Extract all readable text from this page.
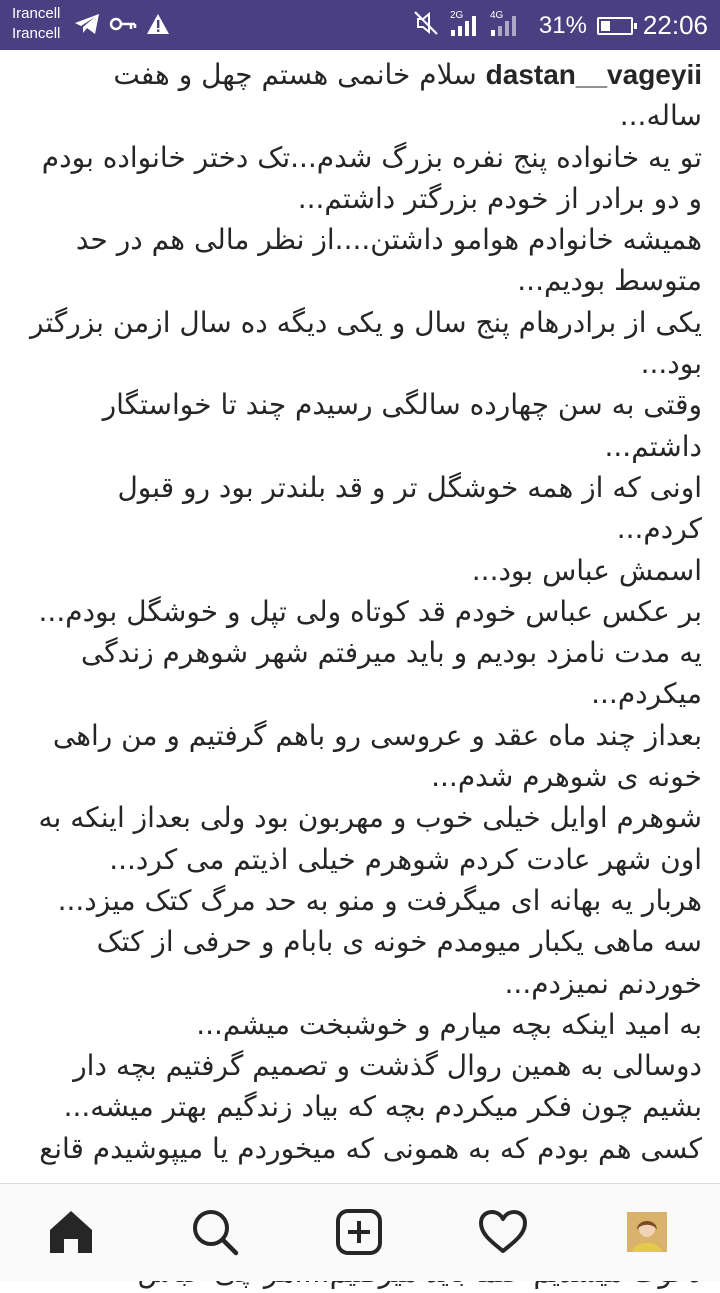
Irancell
Irancell
2G	4G 31% 22:06

dastan__vageyii سلام خانمی هستم چهل و هفت ساله...

تو یه خانواده پنج نفره بزرگ شدم...تک دختر خانواده بودم و دو برادر از خودم بزرگتر داشتم...

همیشه خانوادم هوامو داشتن....از نظر مالی هم در حد متوسط بودیم...

یکی از برادرهام پنج سال و یکی دیگه ده سال ازمن بزرگتر بود...

وقتی به سن چهارده سالگی رسیدم چند تا خواستگار داشتم...

اونی که از همه خوشگل تر و قد بلندتر بود رو قبول کردم...

اسمش عباس بود...

بر عکس عباس خودم قد کوتاه ولی تپل و خوشگل بودم...

یه مدت نامزد بودیم و باید میرفتم شهر شوهرم زندگی میکردم...

بعداز چند ماه عقد و عروسی رو باهم گرفتیم و من راهی خونه ی شوهرم شدم...

شوهرم اوایل خیلی خوب و مهربون بود ولی بعداز اینکه به اون شهر عادت کردم شوهرم خیلی اذیتم می کرد...

هربار یه بهانه ای میگرفت و منو به حد مرگ کتک میزد...

سه ماهی یکبار میومدم خونه ی بابام و حرفی از کتک خوردنم نمیزدم...

به امید اینکه بچه میارم و خوشبخت میشم...

دوسالی به همین روال گذشت و تصمیم گرفتیم بچه دار بشیم چون فکر میکردم بچه که بیاد زندگیم بهتر میشه...

کسی هم بودم که به همونی که میخوردم یا میپوشیدم قانع
